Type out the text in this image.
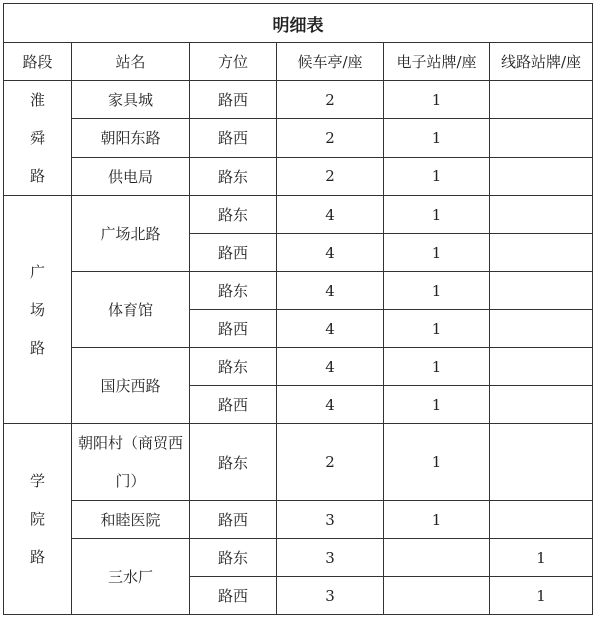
明细表					
路段	站名	方位	候车亭/座	电子站牌/座	线路站牌/座

淮
舜
路	家具城	路西	2	1	
	朝阳东路	路西	2	1	
	供电局	路东	2	1	

广
场
路	广场北路	路东	4	1	
		路西	4	1	
	体育馆	路东	4	1	
		路西	4	1	
	国庆西路	路东	4	1	
		路西	4	1	

学
院
路	朝阳村（商贸西门）	路东	2	1	
	和睦医院	路西	3	1	
	三水厂	路东	3		1
		路西	3		1
